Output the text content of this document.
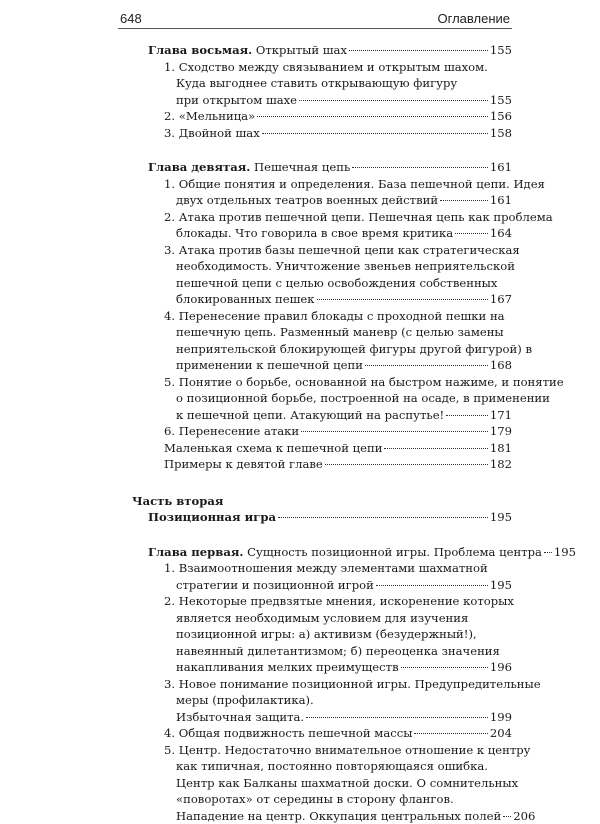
648	Оглавление
Глава восьмая. Открытый шах	155
1. Сходство между связыванием и открытым шахом.
Куда выгоднее ставить открывающую фигуру
при открытом шахе	155
2. «Мельница»	156
3. Двойной шах	158
Глава девятая. Пешечная цепь	161
1. Общие понятия и определения. База пешечной цепи. Идея
двух отдельных театров военных действий	161
2. Атака против пешечной цепи. Пешечная цепь как проблема
блокады. Что говорила в свое время критика	164
3. Атака против базы пешечной цепи как стратегическая
необходимость. Уничтожение звеньев неприятельской
пешечной цепи с целью освобождения собственных
блокированных пешек	167
4. Перенесение правил блокады с проходной пешки на
пешечную цепь. Разменный маневр (с целью замены
неприятельской блокирующей фигуры другой фигурой) в
применении к пешечной цепи	168
5. Понятие о борьбе, основанной на быстром нажиме, и понятие
о позиционной борьбе, построенной на осаде, в применении
к пешечной цепи. Атакующий на распутье!	171
6. Перенесение атаки	179
Маленькая схема к пешечной цепи	181
Примеры к девятой главе	182
Часть вторая
Позиционная игра	195
Глава первая. Сущность позиционной игры. Проблема центра 195
1. Взаимоотношения между элементами шахматной
стратегии и позиционной игрой	195
2. Некоторые предвзятые мнения, искоренение которых
является необходимым условием для изучения
позиционной игры: а) активизм (безудержный!),
навеянный дилетантизмом; б) переоценка значения
накапливания мелких преимуществ	196
3. Новое понимание позиционной игры. Предупредительные
меры (профилактика).
Избыточная защита.	199
4. Общая подвижность пешечной массы	204
5. Центр. Недостаточно внимательное отношение к центру
как типичная, постоянно повторяющаяся ошибка.
Центр как Балканы шахматной доски. О сомнительных
«поворотах» от середины в сторону флангов.
Нападение на центр. Оккупация центральных полей 206
